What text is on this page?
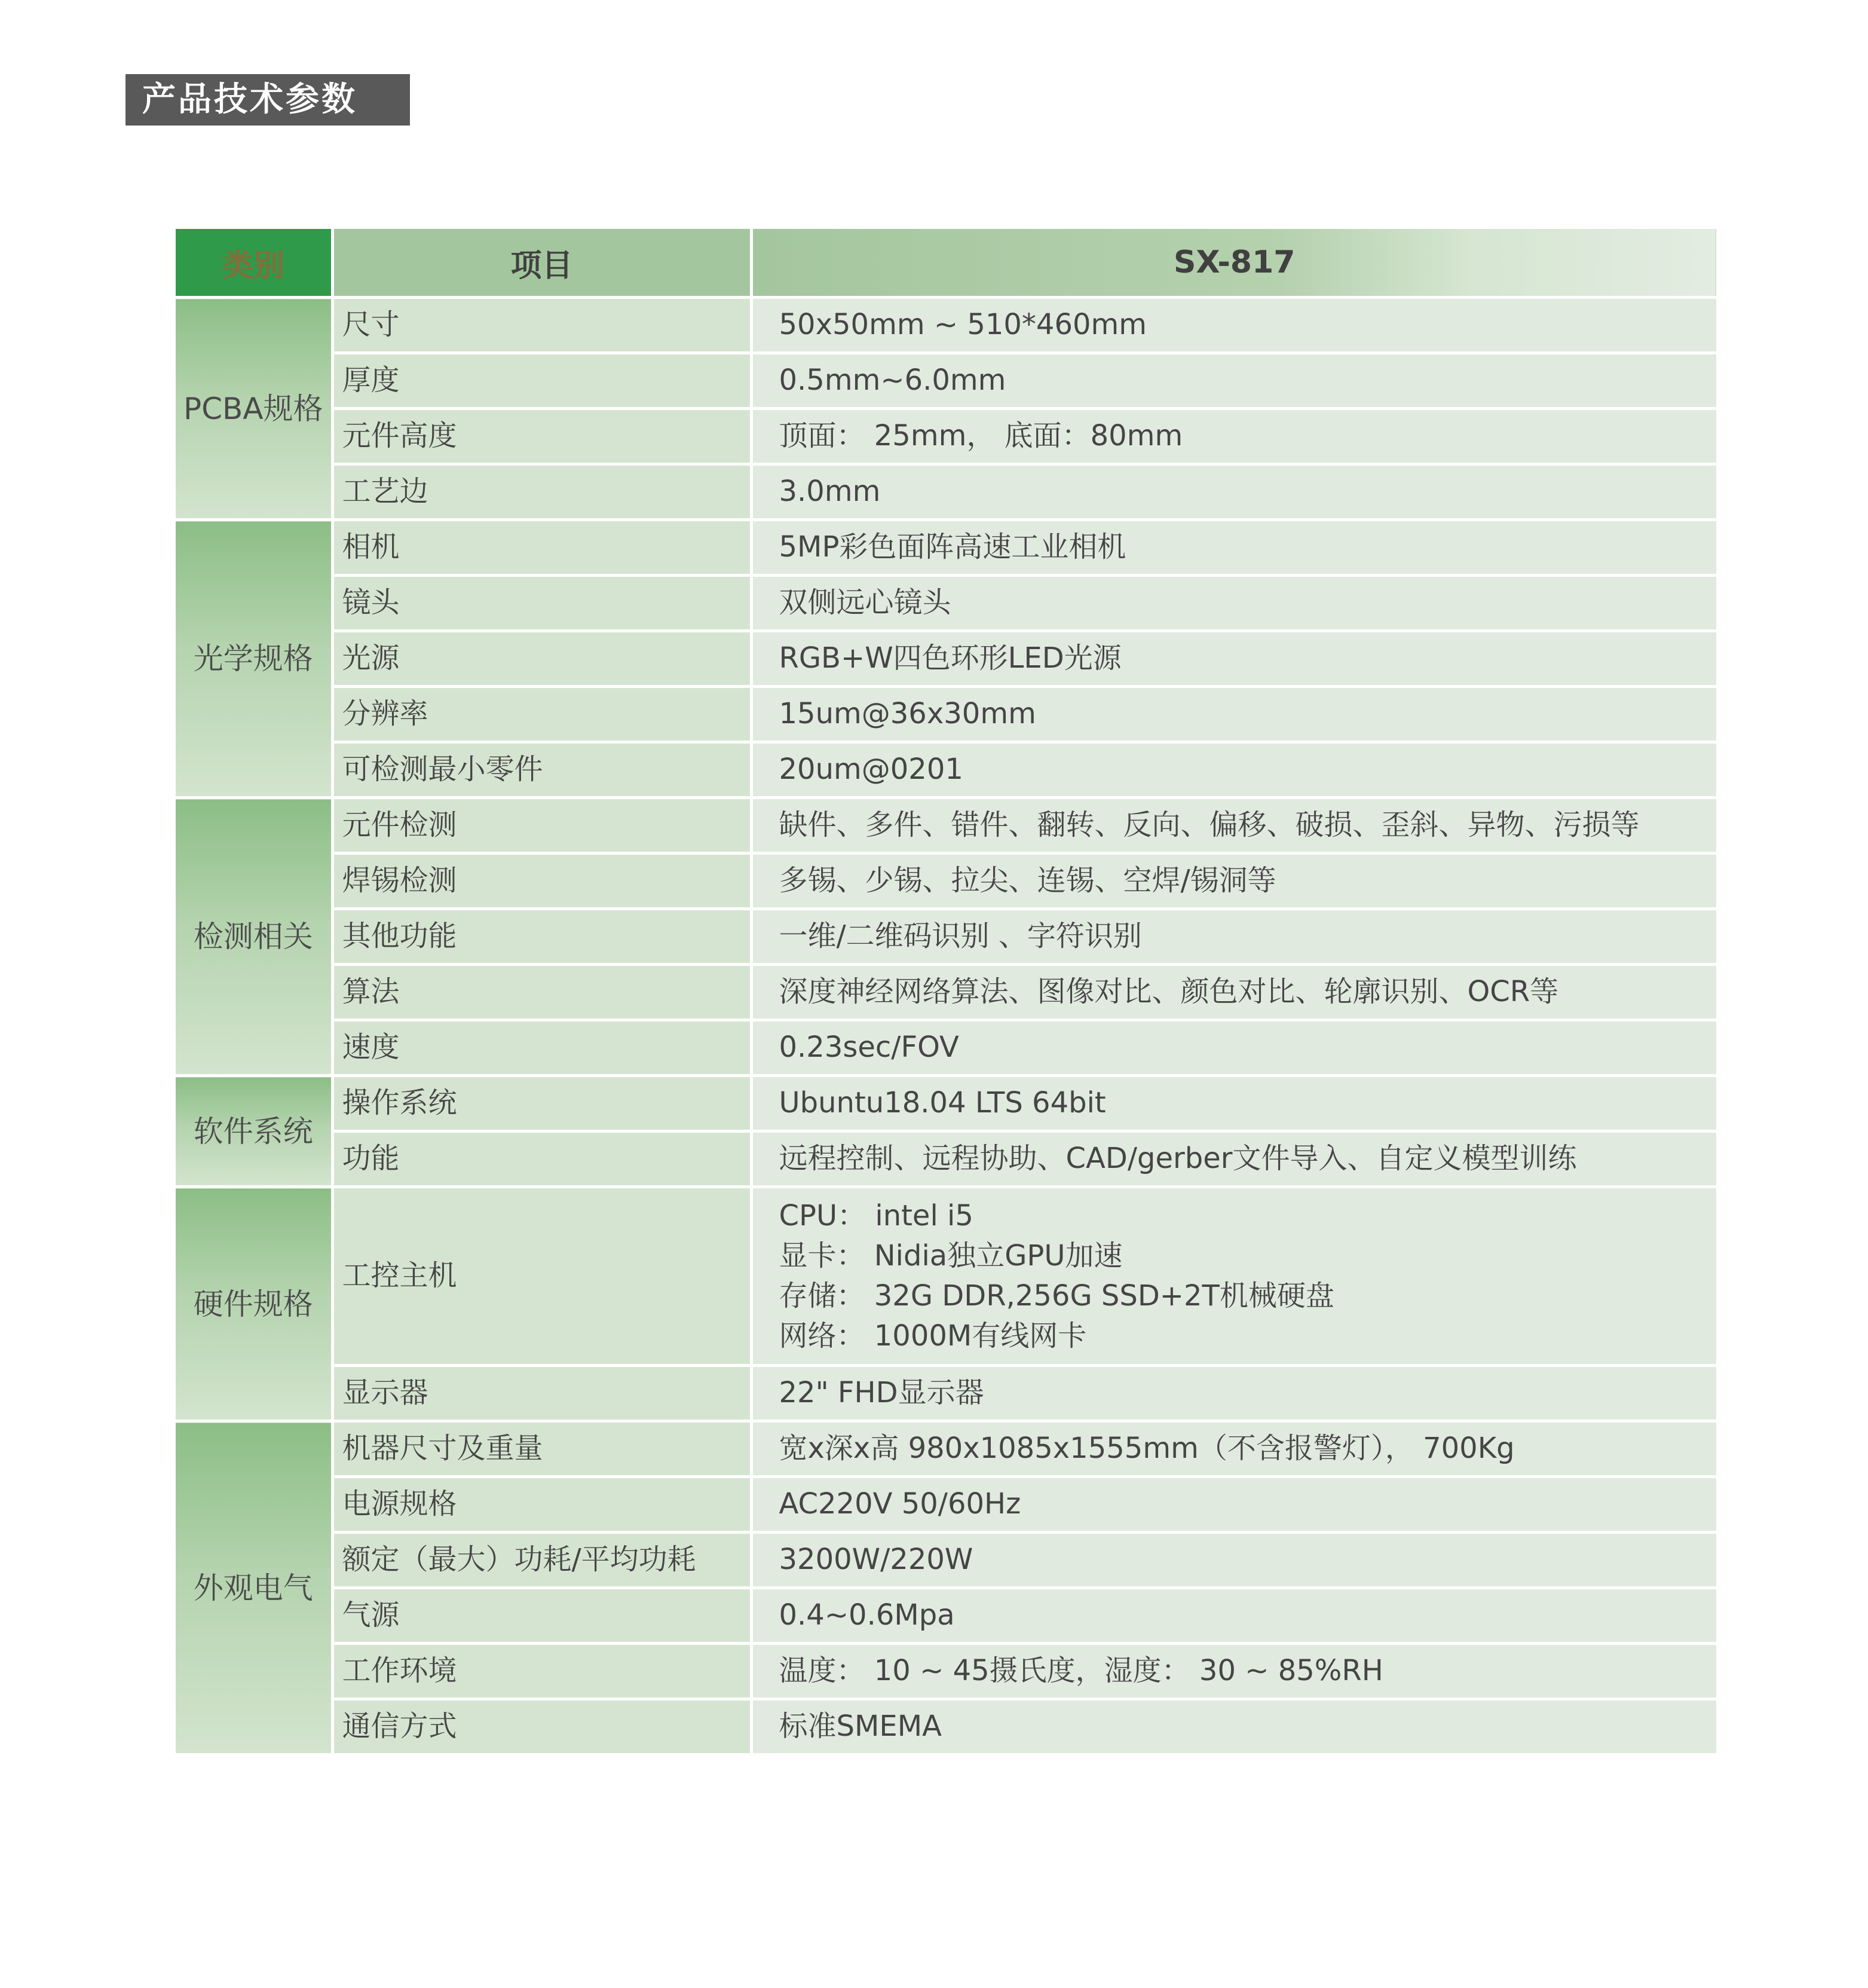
产品技术参数
类别	项目	SX-817
PCBA规格	尺寸	50x50mm ~ 510*460mm
	厚度	0.5mm~6.0mm
	元件高度	顶面： 25mm， 底面：80mm
	工艺边	3.0mm
光学规格	相机	5MP彩色面阵高速工业相机
	镜头	双侧远心镜头
	光源	RGB+W四色环形LED光源
	分辨率	15um@36x30mm
	可检测最小零件	20um@0201
检测相关	元件检测	缺件、多件、错件、翻转、反向、偏移、破损、歪斜、异物、污损等
	焊锡检测	多锡、少锡、拉尖、连锡、空焊/锡洞等
	其他功能	一维/二维码识别 、字符识别
	算法	深度神经网络算法、图像对比、颜色对比、轮廓识别、OCR等
	速度	0.23sec/FOV
软件系统	操作系统	Ubuntu18.04 LTS 64bit
	功能	远程控制、远程协助、CAD/gerber文件导入、自定义模型训练
硬件规格	工控主机	CPU： intel i5
显卡： Nidia独立GPU加速
存储： 32G DDR,256G SSD+2T机械硬盘
网络： 1000M有线网卡

	显示器	22" FHD显示器
外观电气	机器尺寸及重量	宽x深x高 980x1085x1555mm（不含报警灯）， 700Kg
	电源规格	AC220V 50/60Hz
	额定（最大）功耗/平均功耗	3200W/220W
	气源	0.4~0.6Mpa
	工作环境	温度： 10 ~ 45摄氏度，湿度： 30 ~ 85%RH
	通信方式	标准SMEMA
